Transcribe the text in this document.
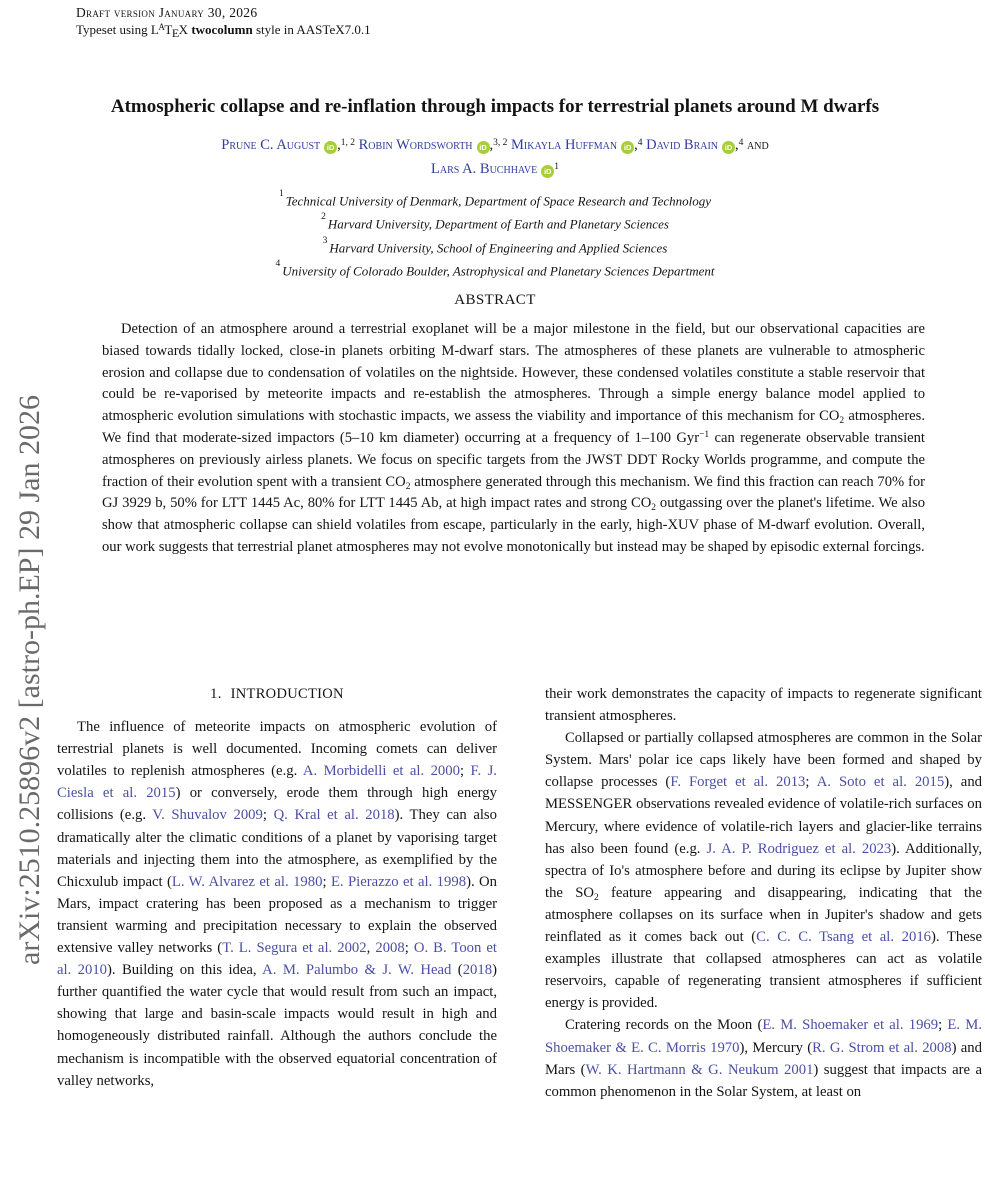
arXiv:2510.25896v2 [astro-ph.EP] 29 Jan 2026
Draft version January 30, 2026
Typeset using $L^ATEX$ twocolumn style in AASTeX7.0.1
Atmospheric collapse and re-inflation through impacts for terrestrial planets around M dwarfs
Prune C. August iD ,$^{1, 2}$ Robin Wordsworth iD ,$^{3, 2}$ Mikayla Huffman iD ,$^4$ David Brain iD ,$^4$ and
Lars A. Buchhave iD $^1$
$^1$ Technical University of Denmark, Department of Space Research and Technology
$^2$ Harvard University, Department of Earth and Planetary Sciences
$^3$ Harvard University, School of Engineering and Applied Sciences
$^4$ University of Colorado Boulder, Astrophysical and Planetary Sciences Department
ABSTRACT
Detection of an atmosphere around a terrestrial exoplanet will be a major milestone in the field, but our observational capacities are biased towards tidally locked, close-in planets orbiting M-dwarf stars. The atmospheres of these planets are vulnerable to atmospheric erosion and collapse due to condensation of volatiles on the nightside. However, these condensed volatiles constitute a stable reservoir that could be re-vaporised by meteorite impacts and re-establish the atmospheres. Through a simple energy balance model applied to atmospheric evolution simulations with stochastic impacts, we assess the viability and importance of this mechanism for $CO_2$ atmospheres. We find that moderate-sized impactors (5–10 km diameter) occurring at a frequency of 1–100 Gyr$^{-1}$ can regenerate observable transient atmospheres on previously airless planets. We focus on specific targets from the JWST DDT Rocky Worlds programme, and compute the fraction of their evolution spent with a transient $CO_2$ atmosphere generated through this mechanism. We find this fraction can reach 70% for GJ 3929 b, 50% for LTT 1445 Ac, 80% for LTT 1445 Ab, at high impact rates and strong $CO_2$ outgassing over the planet's lifetime. We also show that atmospheric collapse can shield volatiles from escape, particularly in the early, high-XUV phase of M-dwarf evolution. Overall, our work suggests that terrestrial planet atmospheres may not evolve monotonically but instead may be shaped by episodic external forcings.
1. INTRODUCTION

The influence of meteorite impacts on atmospheric evolution of terrestrial planets is well documented. Incoming comets can deliver volatiles to replenish atmospheres (e.g. A. Morbidelli et al. 2000; F. J. Ciesla et al. 2015) or conversely, erode them through high energy collisions (e.g. V. Shuvalov 2009; Q. Kral et al. 2018). They can also dramatically alter the climatic conditions of a planet by vaporising target materials and injecting them into the atmosphere, as exemplified by the Chicxulub impact (L. W. Alvarez et al. 1980; E. Pierazzo et al. 1998). On Mars, impact cratering has been proposed as a mechanism to trigger transient warming and precipitation necessary to explain the observed extensive valley networks (T. L. Segura et al. 2002, 2008; O. B. Toon et al. 2010). Building on this idea, A. M. Palumbo & J. W. Head (2018) further quantified the water cycle that would result from such an impact, showing that large and basin-scale impacts would result in high and homogeneously distributed rainfall. Although the authors conclude the mechanism is incompatible with the observed equatorial concentration of valley networks,

their work demonstrates the capacity of impacts to regenerate significant transient atmospheres.

Collapsed or partially collapsed atmospheres are common in the Solar System. Mars' polar ice caps likely have been formed and shaped by collapse processes (F. Forget et al. 2013; A. Soto et al. 2015), and MESSENGER observations revealed evidence of volatile-rich surfaces on Mercury, where evidence of volatile-rich layers and glacier-like terrains has also been found (e.g. J. A. P. Rodriguez et al. 2023). Additionally, spectra of Io's atmosphere before and during its eclipse by Jupiter show the $SO_2$ feature appearing and disappearing, indicating that the atmosphere collapses on its surface when in Jupiter's shadow and gets reinflated as it comes back out (C. C. C. Tsang et al. 2016). These examples illustrate that collapsed atmospheres can act as volatile reservoirs, capable of regenerating transient atmospheres if sufficient energy is provided.

Cratering records on the Moon (E. M. Shoemaker et al. 1969; E. M. Shoemaker & E. C. Morris 1970), Mercury (R. G. Strom et al. 2008) and Mars (W. K. Hartmann & G. Neukum 2001) suggest that impacts are a common phenomenon in the Solar System, at least on
